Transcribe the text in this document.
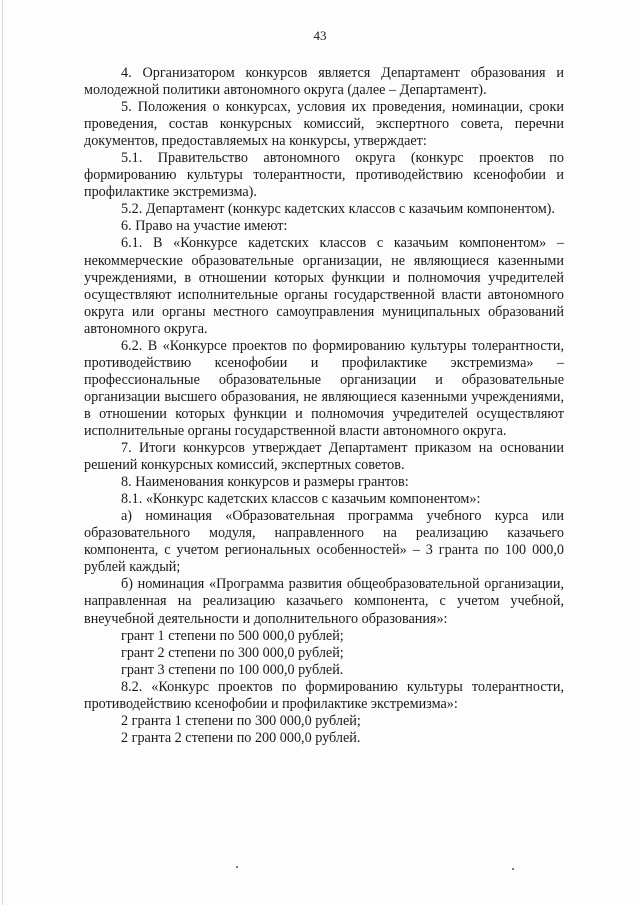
43

4. Организатором конкурсов является Департамент образования и молодежной политики автономного округа (далее – Департамент).

5. Положения о конкурсах, условия их проведения, номинации, сроки проведения, состав конкурсных комиссий, экспертного совета, перечни документов, предоставляемых на конкурсы, утверждает:

5.1. Правительство автономного округа (конкурс проектов по формированию культуры толерантности, противодействию ксенофобии и профилактике экстремизма).

5.2. Департамент (конкурс кадетских классов с казачьим компонентом).

6. Право на участие имеют:

6.1. В «Конкурсе кадетских классов с казачьим компонентом» – некоммерческие образовательные организации, не являющиеся казенными учреждениями, в отношении которых функции и полномочия учредителей осуществляют исполнительные органы государственной власти автономного округа или органы местного самоуправления муниципальных образований автономного округа.

6.2. В «Конкурсе проектов по формированию культуры толерантности, противодействию ксенофобии и профилактике экстремизма» – профессиональные образовательные организации и образовательные организации высшего образования, не являющиеся казенными учреждениями, в отношении которых функции и полномочия учредителей осуществляют исполнительные органы государственной власти автономного округа.

7. Итоги конкурсов утверждает Департамент приказом на основании решений конкурсных комиссий, экспертных советов.

8. Наименования конкурсов и размеры грантов:

8.1. «Конкурс кадетских классов с казачьим компонентом»:

а) номинация «Образовательная программа учебного курса или образовательного модуля, направленного на реализацию казачьего компонента, с учетом региональных особенностей» – 3 гранта по 100 000,0 рублей каждый;

б) номинация «Программа развития общеобразовательной организации, направленная на реализацию казачьего компонента, с учетом учебной, внеучебной деятельности и дополнительного образования»:

грант 1 степени по 500 000,0 рублей;

грант 2 степени по 300 000,0 рублей;

грант 3 степени по 100 000,0 рублей.

8.2. «Конкурс проектов по формированию культуры толерантности, противодействию ксенофобии и профилактике экстремизма»:

2 гранта 1 степени по 300 000,0 рублей;

2 гранта 2 степени по 200 000,0 рублей.
